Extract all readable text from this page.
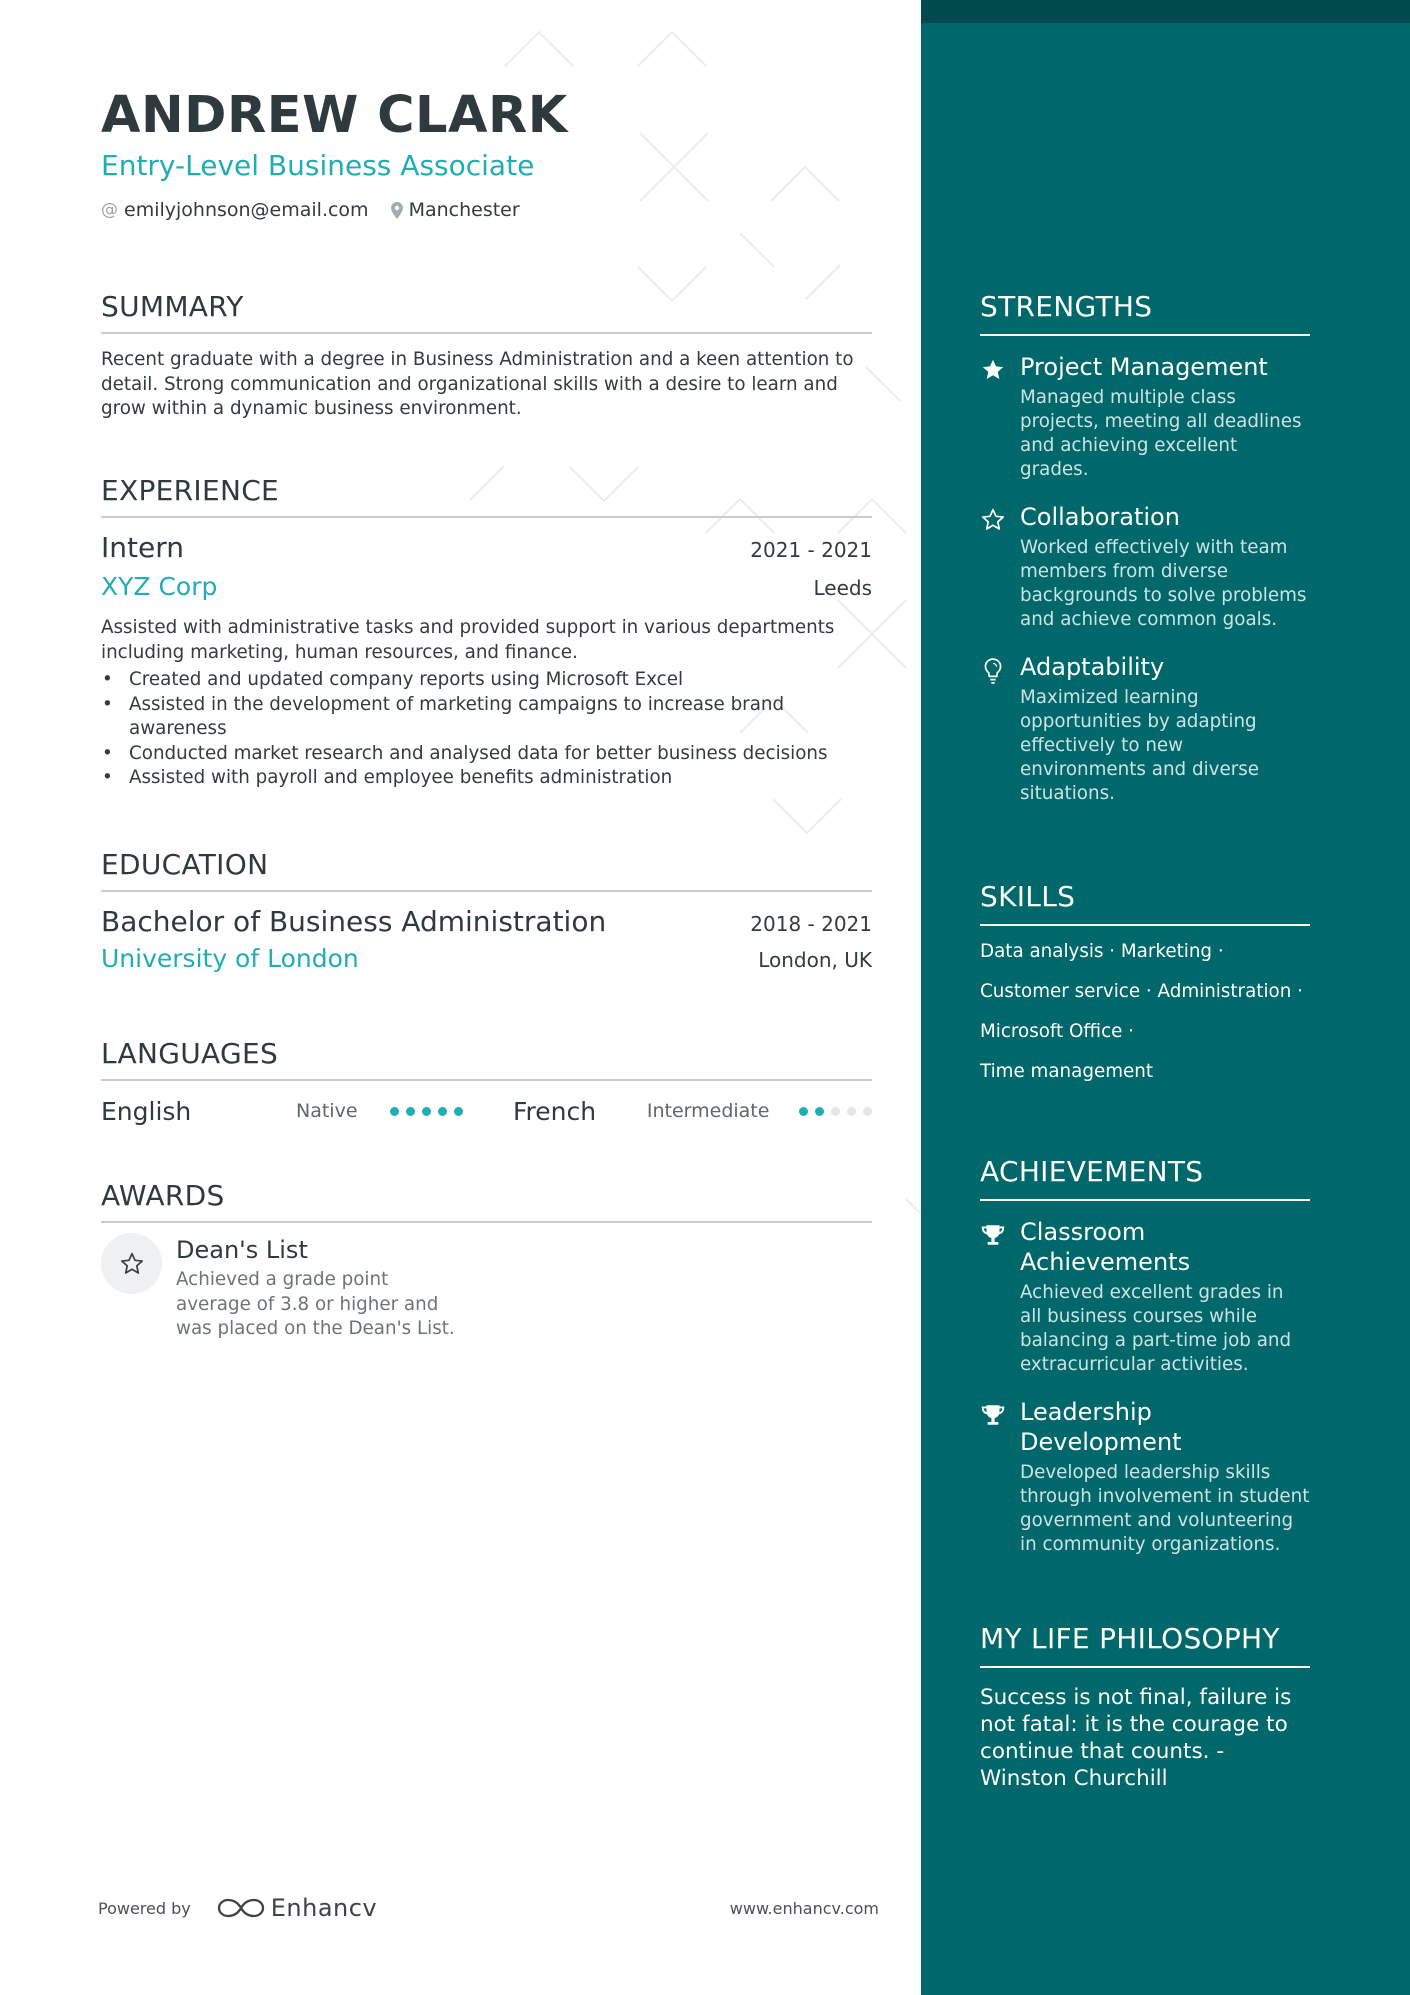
ANDREW CLARK
Entry-Level Business Associate
@ emilyjohnson@email.com Manchester
SUMMARY
Recent graduate with a degree in Business Administration and a keen attention to detail. Strong communication and organizational skills with a desire to learn and grow within a dynamic business environment.
EXPERIENCE
Intern	2021 - 2021
XYZ Corp	Leeds
Assisted with administrative tasks and provided support in various departments including marketing, human resources, and finance.
• Created and updated company reports using Microsoft Excel
• Assisted in the development of marketing campaigns to increase brand awareness
• Conducted market research and analysed data for better business decisions
• Assisted with payroll and employee benefits administration
EDUCATION
Bachelor of Business Administration	2018 - 2021
University of London	London, UK
LANGUAGES
English	Native	French	Intermediate
AWARDS
Dean's List
Achieved a grade point average of 3.8 or higher and was placed on the Dean's List.
Powered by	Enhancv	www.enhancv.com
STRENGTHS
Project Management
Managed multiple class projects, meeting all deadlines and achieving excellent grades.
Collaboration
Worked effectively with team members from diverse backgrounds to solve problems and achieve common goals.
Adaptability
Maximized learning opportunities by adapting effectively to new environments and diverse situations.
SKILLS
Data analysis · Marketing ·
Customer service · Administration ·
Microsoft Office ·
Time management
ACHIEVEMENTS
Classroom Achievements
Achieved excellent grades in all business courses while balancing a part-time job and extracurricular activities.
Leadership Development
Developed leadership skills through involvement in student government and volunteering in community organizations.
MY LIFE PHILOSOPHY
Success is not final, failure is not fatal: it is the courage to continue that counts. - Winston Churchill
